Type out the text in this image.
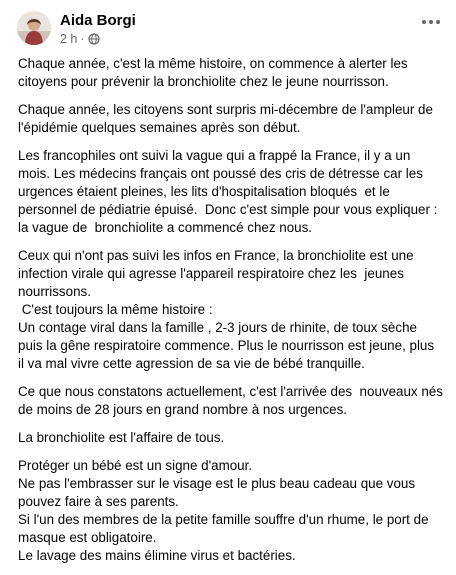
Aida Borgi
2 h ·
Chaque année, c'est la même histoire, on commence à alerter les
citoyens pour prévenir la bronchiolite chez le jeune nourrisson.
Chaque année, les citoyens sont surpris mi-décembre de l'ampleur de
l'épidémie quelques semaines après son début.
Les francophiles ont suivi la vague qui a frappé la France, il y a un
mois. Les médecins français ont poussé des cris de détresse car les
urgences étaient pleines, les lits d'hospitalisation bloqués  et le
personnel de pédiatrie épuisé.  Donc c'est simple pour vous expliquer :
la vague de  bronchiolite a commencé chez nous.
Ceux qui n'ont pas suivi les infos en France, la bronchiolite est une
infection virale qui agresse l'appareil respiratoire chez les  jeunes
nourrissons.
C'est toujours la même histoire :
Un contage viral dans la famille , 2-3 jours de rhinite, de toux sèche
puis la gêne respiratoire commence. Plus le nourrisson est jeune, plus
il va mal vivre cette agression de sa vie de bébé tranquille.
Ce que nous constatons actuellement, c'est l'arrivée des  nouveaux nés
de moins de 28 jours en grand nombre à nos urgences.
La bronchiolite est l'affaire de tous.
Protéger un bébé est un signe d'amour.
Ne pas l'embrasser sur le visage est le plus beau cadeau que vous
pouvez faire à ses parents.
Si l'un des membres de la petite famille souffre d'un rhume, le port de
masque est obligatoire.
Le lavage des mains élimine virus et bactéries.
